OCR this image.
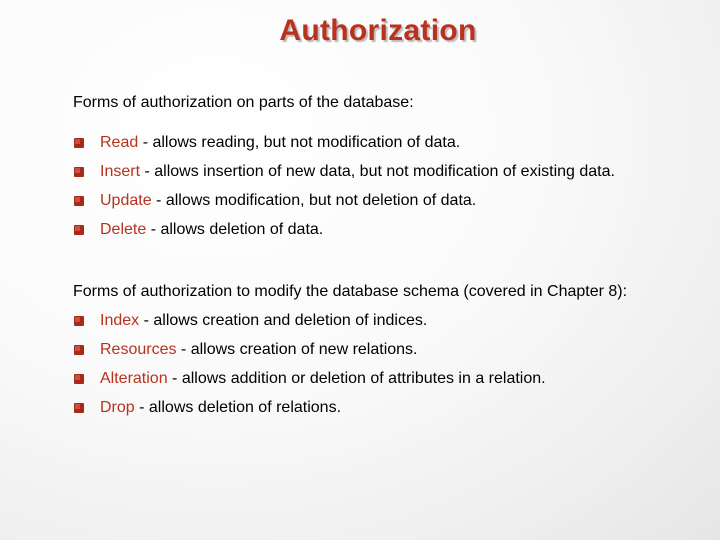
Authorization

Forms of authorization on parts of the database:

Read - allows reading, but not modification of data.
Insert - allows insertion of new data, but not modification of existing data.
Update - allows modification, but not deletion of data.
Delete - allows deletion of data.

Forms of authorization to modify the database schema (covered in Chapter 8):

Index - allows creation and deletion of indices.
Resources - allows creation of new relations.
Alteration - allows addition or deletion of attributes in a relation.
Drop - allows deletion of relations.
